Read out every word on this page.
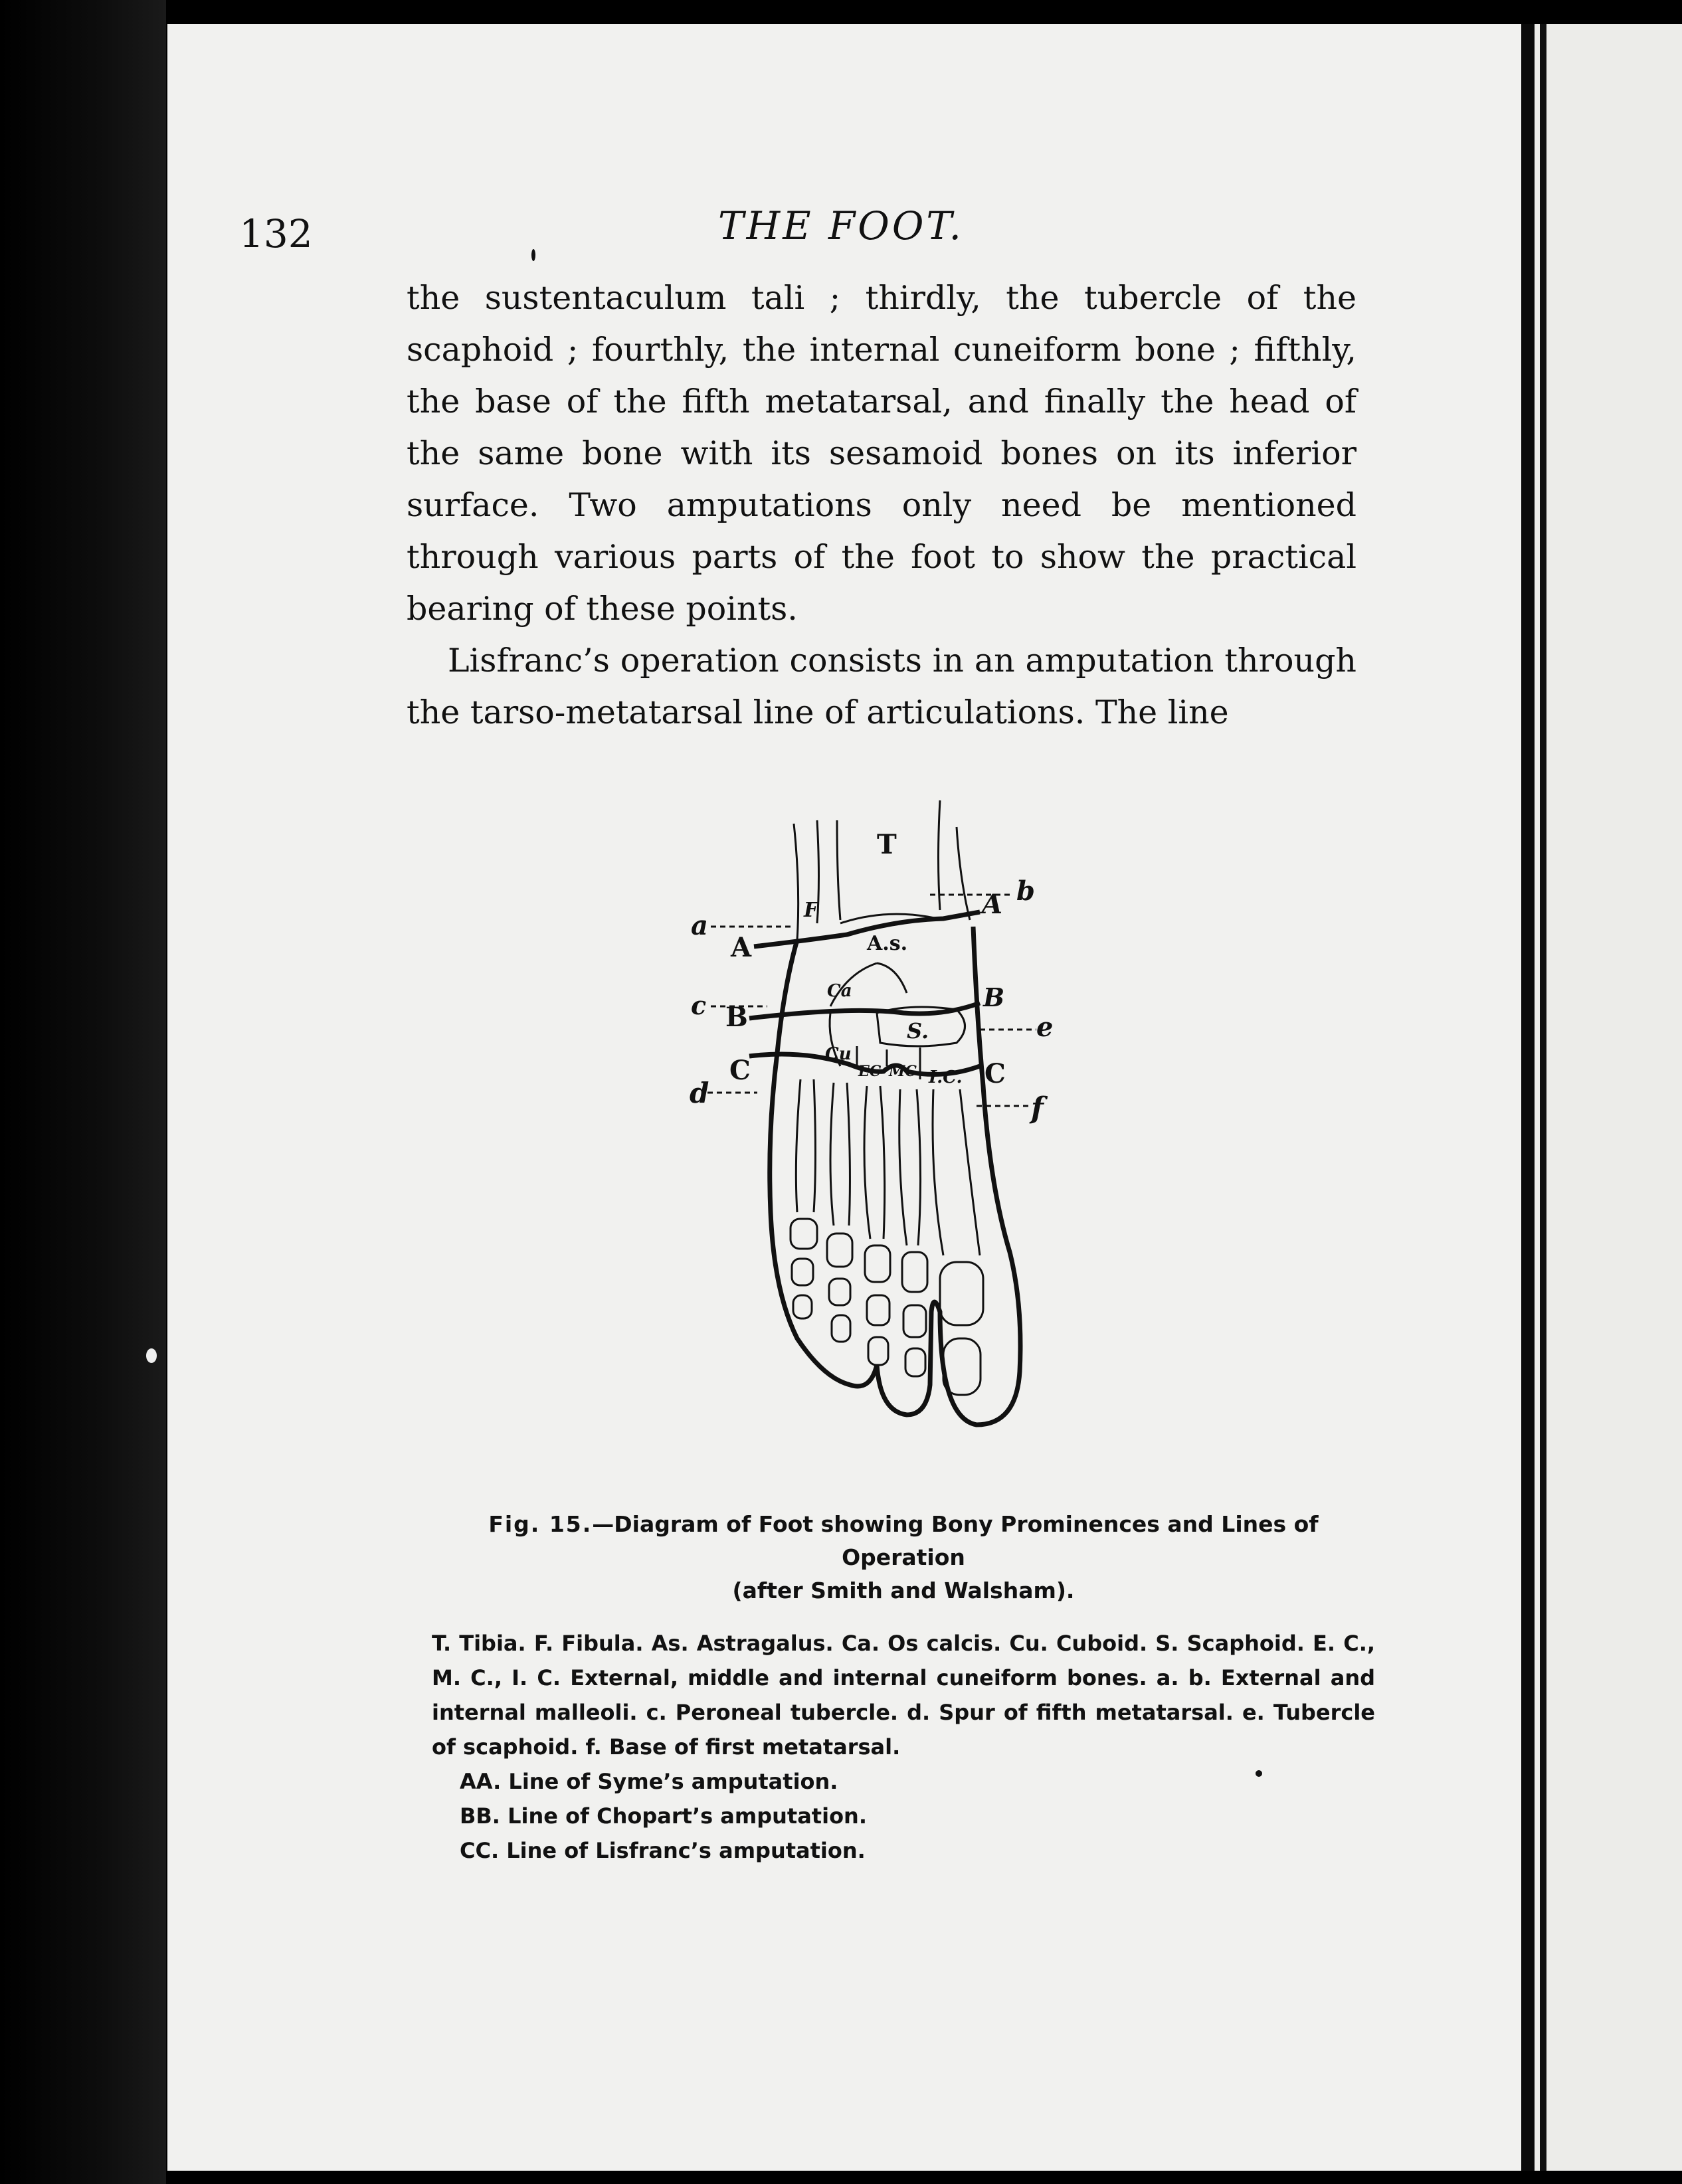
132	THE FOOT.

the sustentaculum tali ; thirdly, the tubercle of the scaphoid ; fourthly, the internal cuneiform bone ; fifthly, the base of the fifth metatarsal, and finally the head of the same bone with its sesamoid bones on its inferior surface. Two amputations only need be mentioned through various parts of the foot to show the practical bearing of these points.

Lisfranc’s operation consists in an amputation through the tarso-metatarsal line of articulations. The line

T
F
A.s.
Ca
S.
Cu
EC MC I.C.
a
b
c
d
e
f
A
A
B
B
C	C
Fig. 15.—Diagram of Foot showing Bony Prominences and Lines of Operation
(after Smith and Walsham).
T. Tibia. F. Fibula. As. Astragalus. Ca. Os calcis. Cu. Cuboid. S. Scaphoid. E. C., M. C., I. C. External, middle and internal cuneiform bones. a. b. External and internal malleoli. c. Peroneal tubercle. d. Spur of fifth metatarsal. e. Tubercle of scaphoid. f. Base of first metatarsal.
AA. Line of Syme’s amputation.
BB. Line of Chopart’s amputation.
CC. Line of Lisfranc’s amputation.
